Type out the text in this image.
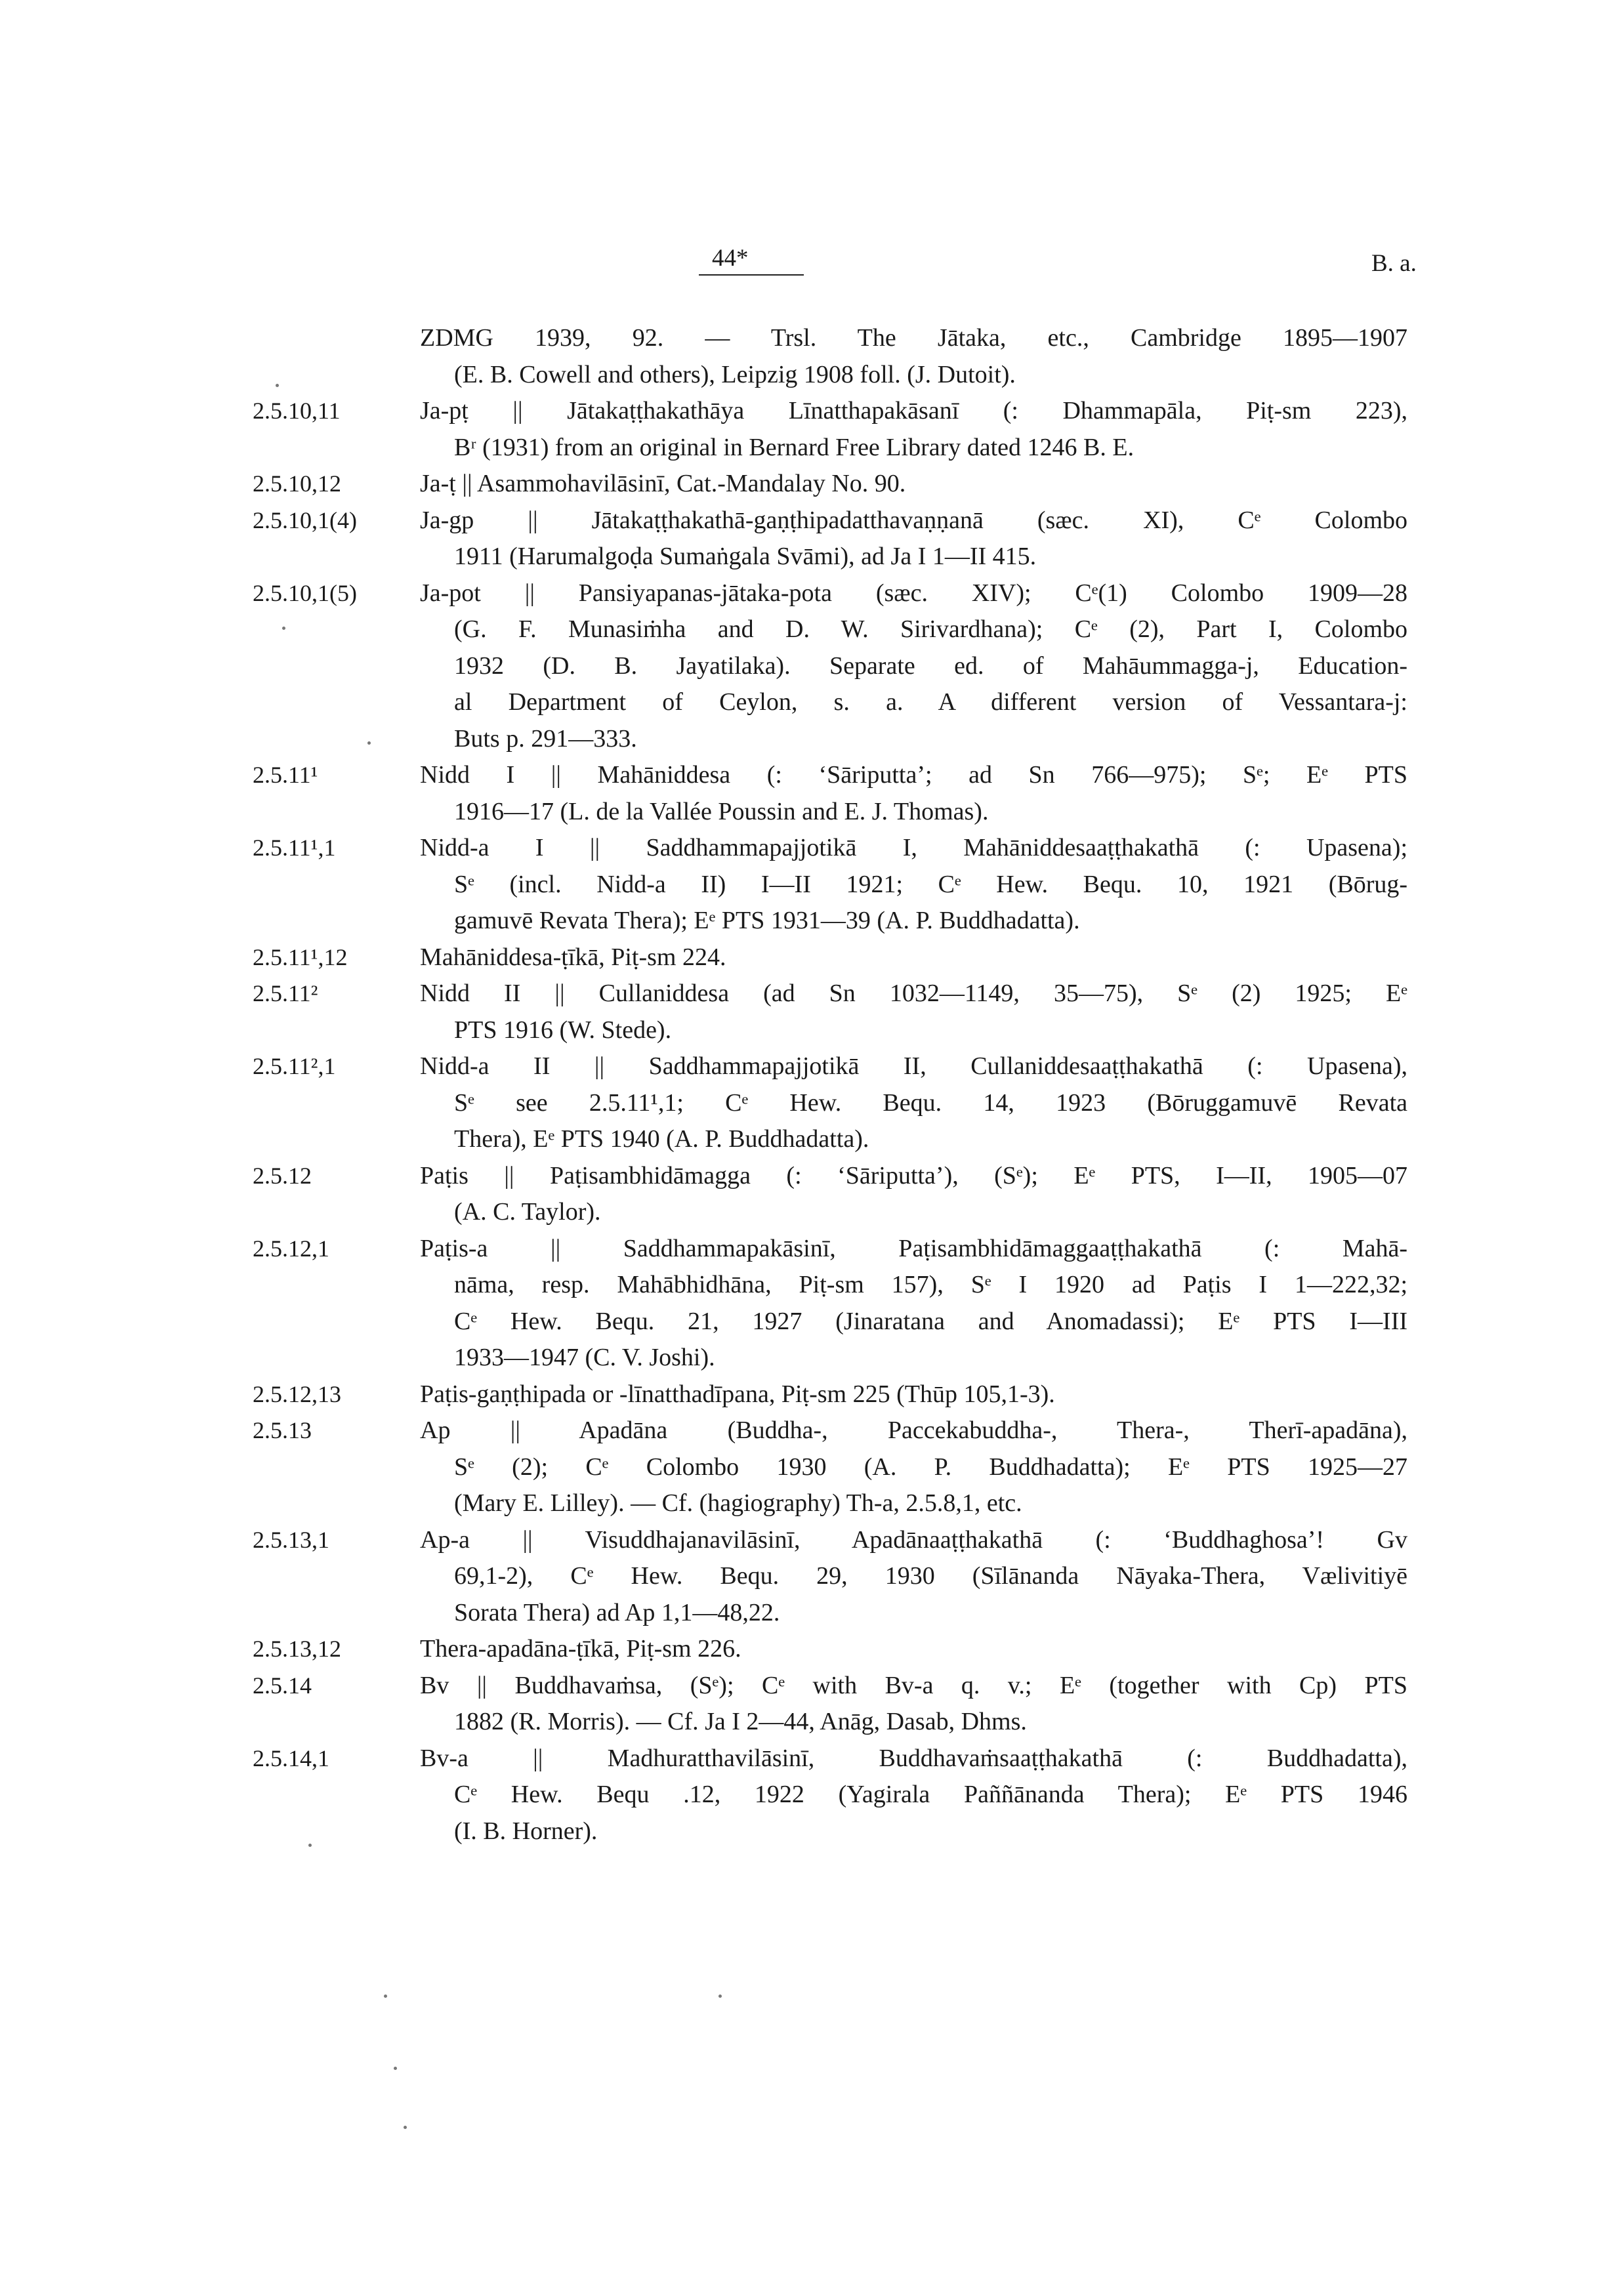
44*	B. a.
ZDMG 1939, 92. — Trsl. The Jātaka, etc., Cambridge 1895—1907
(E. B. Cowell and others), Leipzig 1908 foll. (J. Dutoit).
2.5.10,11	Ja-pṭ || Jātakaṭṭhakathāya Līnatthapakāsanī (: Dhammapāla, Piṭ-sm 223),
Bʳ (1931) from an original in Bernard Free Library dated 1246 B. E.
2.5.10,12	Ja-ṭ || Asammohavilāsinī, Cat.-Mandalay No. 90.
2.5.10,1(4)	Ja-gp || Jātakaṭṭhakathā-gaṇṭhipadatthavaṇṇanā (sæc. XI), Cᵉ Colombo
1911 (Harumalgoḍa Sumaṅgala Svāmi), ad Ja I 1—II 415.
2.5.10,1(5)	Ja-pot || Pansiyapanas-jātaka-pota (sæc. XIV); Cᵉ(1) Colombo 1909—28
(G. F. Munasiṁha and D. W. Sirivardhana); Cᵉ (2), Part I, Colombo
1932 (D. B. Jayatilaka). Separate ed. of Mahāummagga-j, Education-
al Department of Ceylon, s. a. A different version of Vessantara-j:
Buts p. 291—333.
2.5.11¹	Nidd I || Mahāniddesa (: ‘Sāriputta’; ad Sn 766—975); Sᵉ; Eᵉ PTS
1916—17 (L. de la Vallée Poussin and E. J. Thomas).
2.5.11¹,1	Nidd-a I || Saddhammapajjotikā I, Mahāniddesaaṭṭhakathā (: Upasena);
Sᵉ (incl. Nidd-a II) I—II 1921; Cᵉ Hew. Bequ. 10, 1921 (Bōrug-
gamuvē Revata Thera); Eᵉ PTS 1931—39 (A. P. Buddhadatta).
2.5.11¹,12	Mahāniddesa-ṭīkā, Piṭ-sm 224.
2.5.11²	Nidd II || Cullaniddesa (ad Sn 1032—1149, 35—75), Sᵉ (2) 1925; Eᵉ
PTS 1916 (W. Stede).
2.5.11²,1	Nidd-a II || Saddhammapajjotikā II, Cullaniddesaaṭṭhakathā (: Upasena),
Sᵉ see 2.5.11¹,1; Cᵉ Hew. Bequ. 14, 1923 (Bōruggamuvē Revata
Thera), Eᵉ PTS 1940 (A. P. Buddhadatta).
2.5.12	Paṭis || Paṭisambhidāmagga (: ‘Sāriputta’), (Sᵉ); Eᵉ PTS, I—II, 1905—07
(A. C. Taylor).
2.5.12,1	Paṭis-a || Saddhammapakāsinī, Paṭisambhidāmaggaaṭṭhakathā (: Mahā-
nāma, resp. Mahābhidhāna, Piṭ-sm 157), Sᵉ I 1920 ad Paṭis I 1—222,32;
Cᵉ Hew. Bequ. 21, 1927 (Jinaratana and Anomadassi); Eᵉ PTS I—III
1933—1947 (C. V. Joshi).
2.5.12,13	Paṭis-gaṇṭhipada or -līnatthadīpana, Piṭ-sm 225 (Thūp 105,1-3).
2.5.13	Ap || Apadāna (Buddha-, Paccekabuddha-, Thera-, Therī-apadāna),
Sᵉ (2); Cᵉ Colombo 1930 (A. P. Buddhadatta); Eᵉ PTS 1925—27
(Mary E. Lilley). — Cf. (hagiography) Th-a, 2.5.8,1, etc.
2.5.13,1	Ap-a || Visuddhajanavilāsinī, Apadānaaṭṭhakathā (: ‘Buddhaghosa’! Gv
69,1-2), Cᵉ Hew. Bequ. 29, 1930 (Sīlānanda Nāyaka-Thera, Vælivitiyē
Sorata Thera) ad Ap 1,1—48,22.
2.5.13,12	Thera-apadāna-ṭīkā, Piṭ-sm 226.
2.5.14	Bv || Buddhavaṁsa, (Sᵉ); Cᵉ with Bv-a q. v.; Eᵉ (together with Cp) PTS
1882 (R. Morris). — Cf. Ja I 2—44, Anāg, Dasab, Dhms.
2.5.14,1	Bv-a || Madhuratthavilāsinī, Buddhavaṁsaaṭṭhakathā (: Buddhadatta),
Cᵉ Hew. Bequ .12, 1922 (Yagirala Paññānanda Thera); Eᵉ PTS 1946
(I. B. Horner).
